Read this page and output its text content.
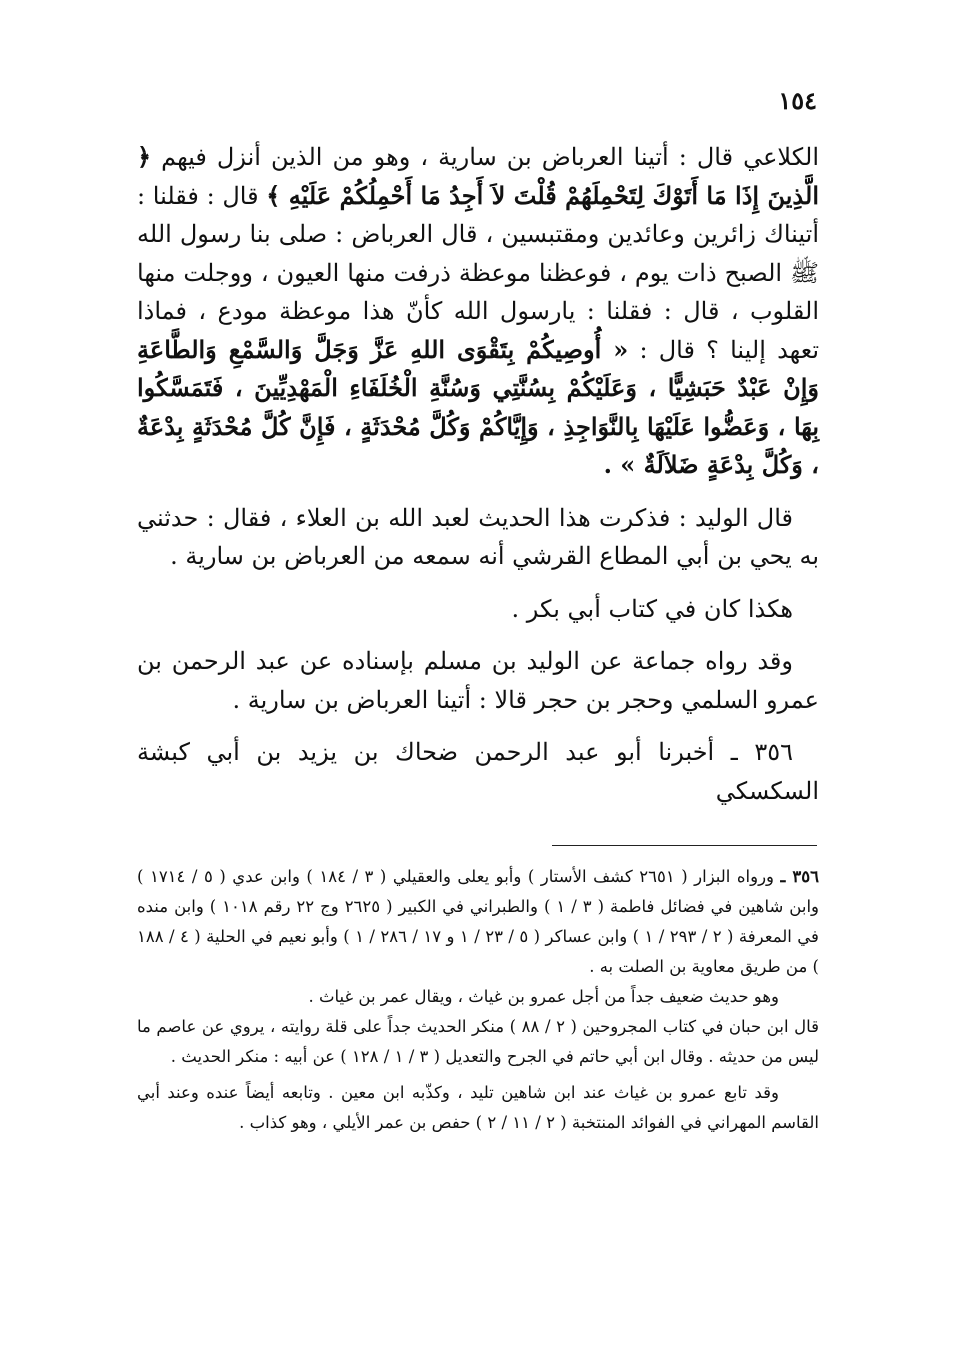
١٥٤

الكلاعي قال : أتينا العرباض بن سارية ، وهو من الذين أنزل فيهم ﴿ الَّذِينَ إِذَا مَا أَتَوْكَ لِتَحْمِلَهُمْ قُلْتَ لاَ أَجِدُ مَا أَحْمِلُكُمْ عَلَيْهِ ﴾ قال : فقلنا : أتيناك زائرين وعائدين ومقتبسين ، قال العرباض : صلى بنا رسول الله ﷺ الصبح ذات يوم ، فوعظنا موعظة ذرفت منها العيون ، ووجلت منها القلوب ، قال : فقلنا : يارسول الله كأنّ هذا موعظة مودع ، فماذا تعهد إلينا ؟ قال : « أُوصِيكُمْ بِتَقْوَى اللهِ عَزَّ وَجَلَّ وَالسَّمْعِ وَالطَّاعَةِ وَإِنْ عَبْدٌ حَبَشِيًّا ، وَعَلَيْكُمْ بِسُنَّتِي وَسُنَّةِ الْخُلَفَاءِ الْمَهْدِيِّينَ ، فَتَمَسَّكُوا بِهَا ، وَعَضُّوا عَلَيْهَا بِالنَّوَاجِذِ ، وَإِيَّاكُمْ وَكُلَّ مُحْدَثَةٍ ، فَإِنَّ كُلَّ مُحْدَثَةٍ بِدْعَةٌ ، وَكُلَّ بِدْعَةٍ ضَلاَلَةٌ » .

قال الوليد : فذكرت هذا الحديث لعبد الله بن العلاء ، فقال : حدثني به يحي بن أبي المطاع القرشي أنه سمعه من العرباض بن سارية .

هكذا كان في كتاب أبي بكر .

وقد رواه جماعة عن الوليد بن مسلم بإسناده عن عبد الرحمن بن عمرو السلمي وحجر بن حجر قالا : أتينا العرباض بن سارية .

٣٥٦ ـ أخبرنا أبو عبد الرحمن ضحاك بن يزيد بن أبي كبشة السكسكي

٣٥٦ ـ ورواه البزار ( ٢٦٥١ كشف الأستار ) وأبو يعلى والعقيلي ( ٣ / ١٨٤ ) وابن عدي ( ٥ / ١٧١٤ ) وابن شاهين في فضائل فاطمة ( ٣ / ١ ) والطبراني في الكبير ( ٢٦٢٥ وج ٢٢ رقم ١٠١٨ ) وابن منده في المعرفة ( ٢ / ٢٩٣ / ١ ) وابن عساكر ( ٥ / ٢٣ / ١ و ١٧ / ٢٨٦ / ١ ) وأبو نعيم في الحلية ( ٤ / ١٨٨ ) من طريق معاوية بن الصلت به .

وهو حديث ضعيف جداً من أجل عمرو بن غياث ، ويقال عمر بن غياث .

قال ابن حبان في كتاب المجروحين ( ٢ / ٨٨ ) منكر الحديث جداً على قلة روايته ، يروي عن عاصم ما ليس من حديثه . وقال ابن أبي حاتم في الجرح والتعديل ( ٣ / ١ / ١٢٨ ) عن أبيه : منكر الحديث .

وقد تابع عمرو بن غياث عند ابن شاهين تليد ، وكذّبه ابن معين . وتابعه أيضاً عنده وعند أبي القاسم المهراني في الفوائد المنتخبة ( ٢ / ١١ / ٢ ) حفص بن عمر الأيلي ، وهو كذاب .
